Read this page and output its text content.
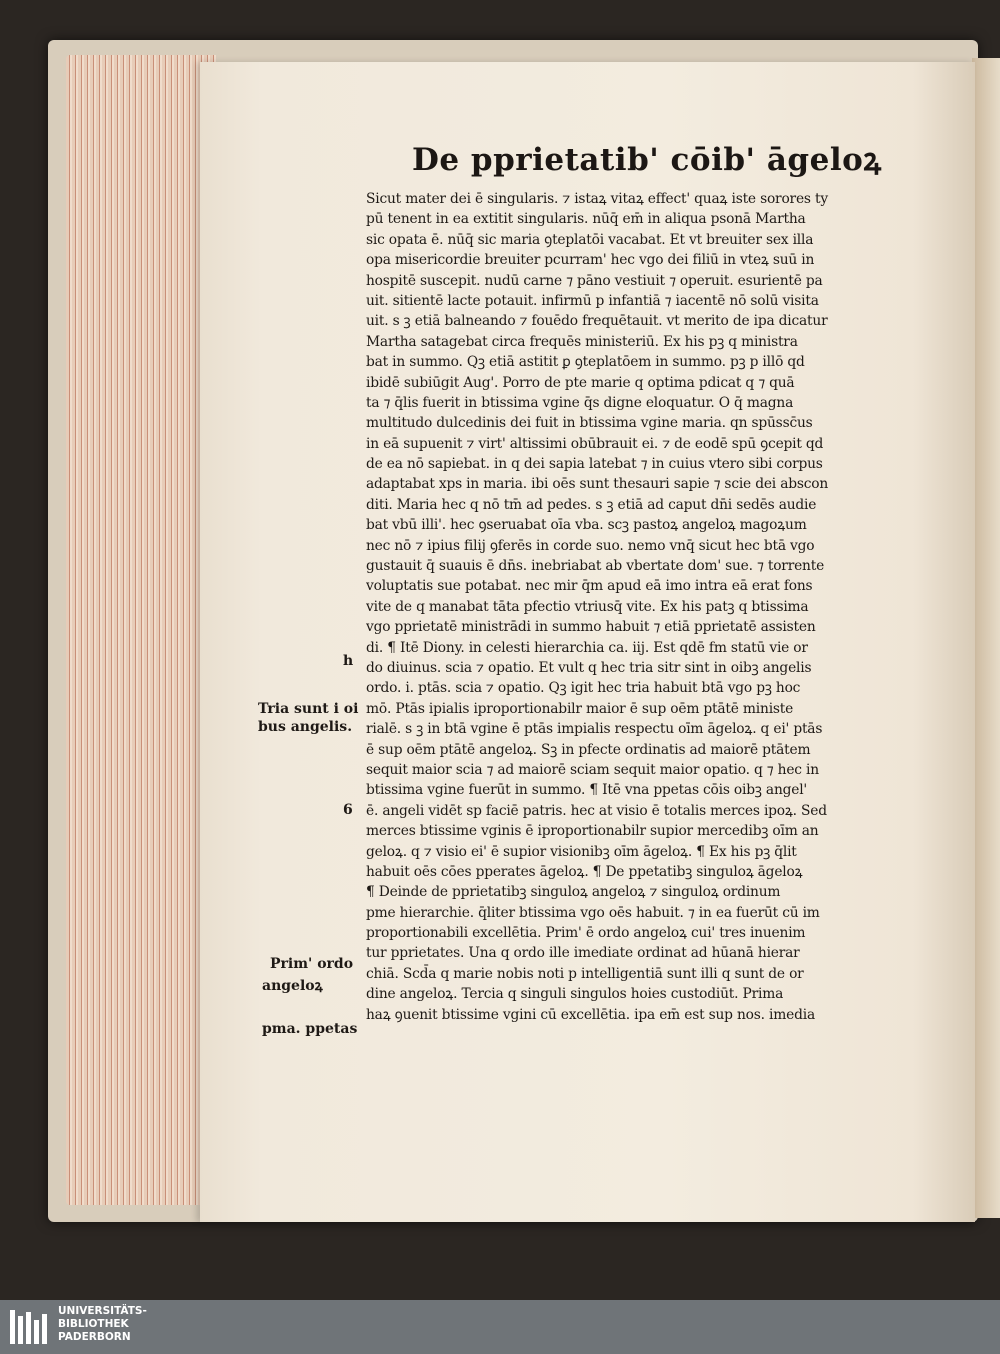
De pprietatib' cōib' āgeloꝝ
Sicut mater dei ē singularis. ⁊ istaꝝ vitaꝝ effect' quaꝝ iste sorores ty
pū tenent in ea extitit singularis. nūq̄ em̄ in aliqua psonā Martha
sic opata ē. nūq̄ sic maria ꝯteplatōi vacabat. Et vt breuiter sex illa
opa misericordie breuiter pcurram' hec vgo dei filiū in vteꝝ suū in
hospitē suscepit. nudū carne ⁊ pāno vestiuit ⁊ operuit. esurientē pa
uit. sitientē lacte potauit. infirmū p infantiā ⁊ iacentē nō solū visita
uit. s ꝫ etiā balneando ⁊ fouēdo frequētauit. vt merito de ipa dicatur
Martha satagebat circa frequēs ministeriū. Ex his pꝫ q ministra
bat in summo. Qꝫ etiā astitit ꝑ ꝯteplatōem in summo. pꝫ p illō qd
ibidē subiūgit Aug'. Porro de pte marie q optima pdicat q ⁊ quā
ta ⁊ q̄lis fuerit in btissima vgine q̄s digne eloquatur. O q̄ magna
multitudo dulcedinis dei fuit in btissima vgine maria. qn spūssc̄us
in eā supuenit ⁊ virt' altissimi obūbrauit ei. ⁊ de eodē spū ꝯcepit qd
de ea nō sapiebat. in q dei sapia latebat ⁊ in cuius vtero sibi corpus
adaptabat xps in maria. ibi oēs sunt thesauri sapie ⁊ scie dei abscon
diti. Maria hec q nō tm̄ ad pedes. s ꝫ etiā ad caput dn̄i sedēs audie
bat vbū illi'. hec ꝯseruabat oīa vba. scꝫ pastoꝝ angeloꝝ magoꝝum
nec nō ⁊ ipius filij ꝯferēs in corde suo. nemo vnq̄ sicut hec btā vgo
gustauit q̄ suauis ē dn̄s. inebriabat ab vbertate dom' sue. ⁊ torrente
voluptatis sue potabat. nec mir q̄m apud eā imo intra eā erat fons
vite de q manabat tāta pfectio vtriusq̄ vite. Ex his patꝫ q btissima
vgo pprietatē ministrādi in summo habuit ⁊ etiā pprietatē assisten
di. ¶ Itē Diony. in celesti hierarchia ca. iij. Est qdē fm statū vie or
do diuinus. scia ⁊ opatio. Et vult q hec tria sitr sint in oibꝫ angelis
ordo. i. ptās. scia ⁊ opatio. Qꝫ igit hec tria habuit btā vgo pꝫ hoc
mō. Ptās ipialis iproportionabilr maior ē sup oēm ptātē ministe
rialē. s ꝫ in btā vgine ē ptās impialis respectu oīm āgeloꝝ. q ei' ptās
ē sup oēm ptātē angeloꝝ. Sꝫ in pfecte ordinatis ad maiorē ptātem
sequit maior scia ⁊ ad maiorē sciam sequit maior opatio. q ⁊ hec in
btissima vgine fuerūt in summo. ¶ Itē vna ppetas cōis oibꝫ angel'
ē. angeli vidēt sp faciē patris. hec at visio ē totalis merces ipoꝝ. Sed
merces btissime vginis ē iproportionabilr supior mercedibꝫ oīm an
geloꝝ. q ⁊ visio ei' ē supior visionibꝫ oīm āgeloꝝ. ¶ Ex his pꝫ q̄lit
habuit oēs cōes pperates āgeloꝝ. ¶ De ppetatibꝫ singuloꝝ āgeloꝝ
¶ Deinde de pprietatibꝫ singuloꝝ angeloꝝ ⁊ singuloꝝ ordinum
pme hierarchie. q̄liter btissima vgo oēs habuit. ⁊ in ea fuerūt cū im
proportionabili excellētia. Prim' ē ordo angeloꝝ cui' tres inuenim
tur pprietates. Una q ordo ille imediate ordinat ad hūanā hierar
chiā. Scd̄a q marie nobis noti p intelligentiā sunt illi q sunt de or
dine angeloꝝ. Tercia q singuli singulos hoies custodiūt. Prima
haꝝ ꝯuenit btissime vgini cū excellētia. ipa em̄ est sup nos. imedia
h
Tria sunt i oi
bus angelis.
6
Prim' ordo
angeloꝝ
pma. ppetas
UNIVERSITÄTS-
BIBLIOTHEK
PADERBORN
